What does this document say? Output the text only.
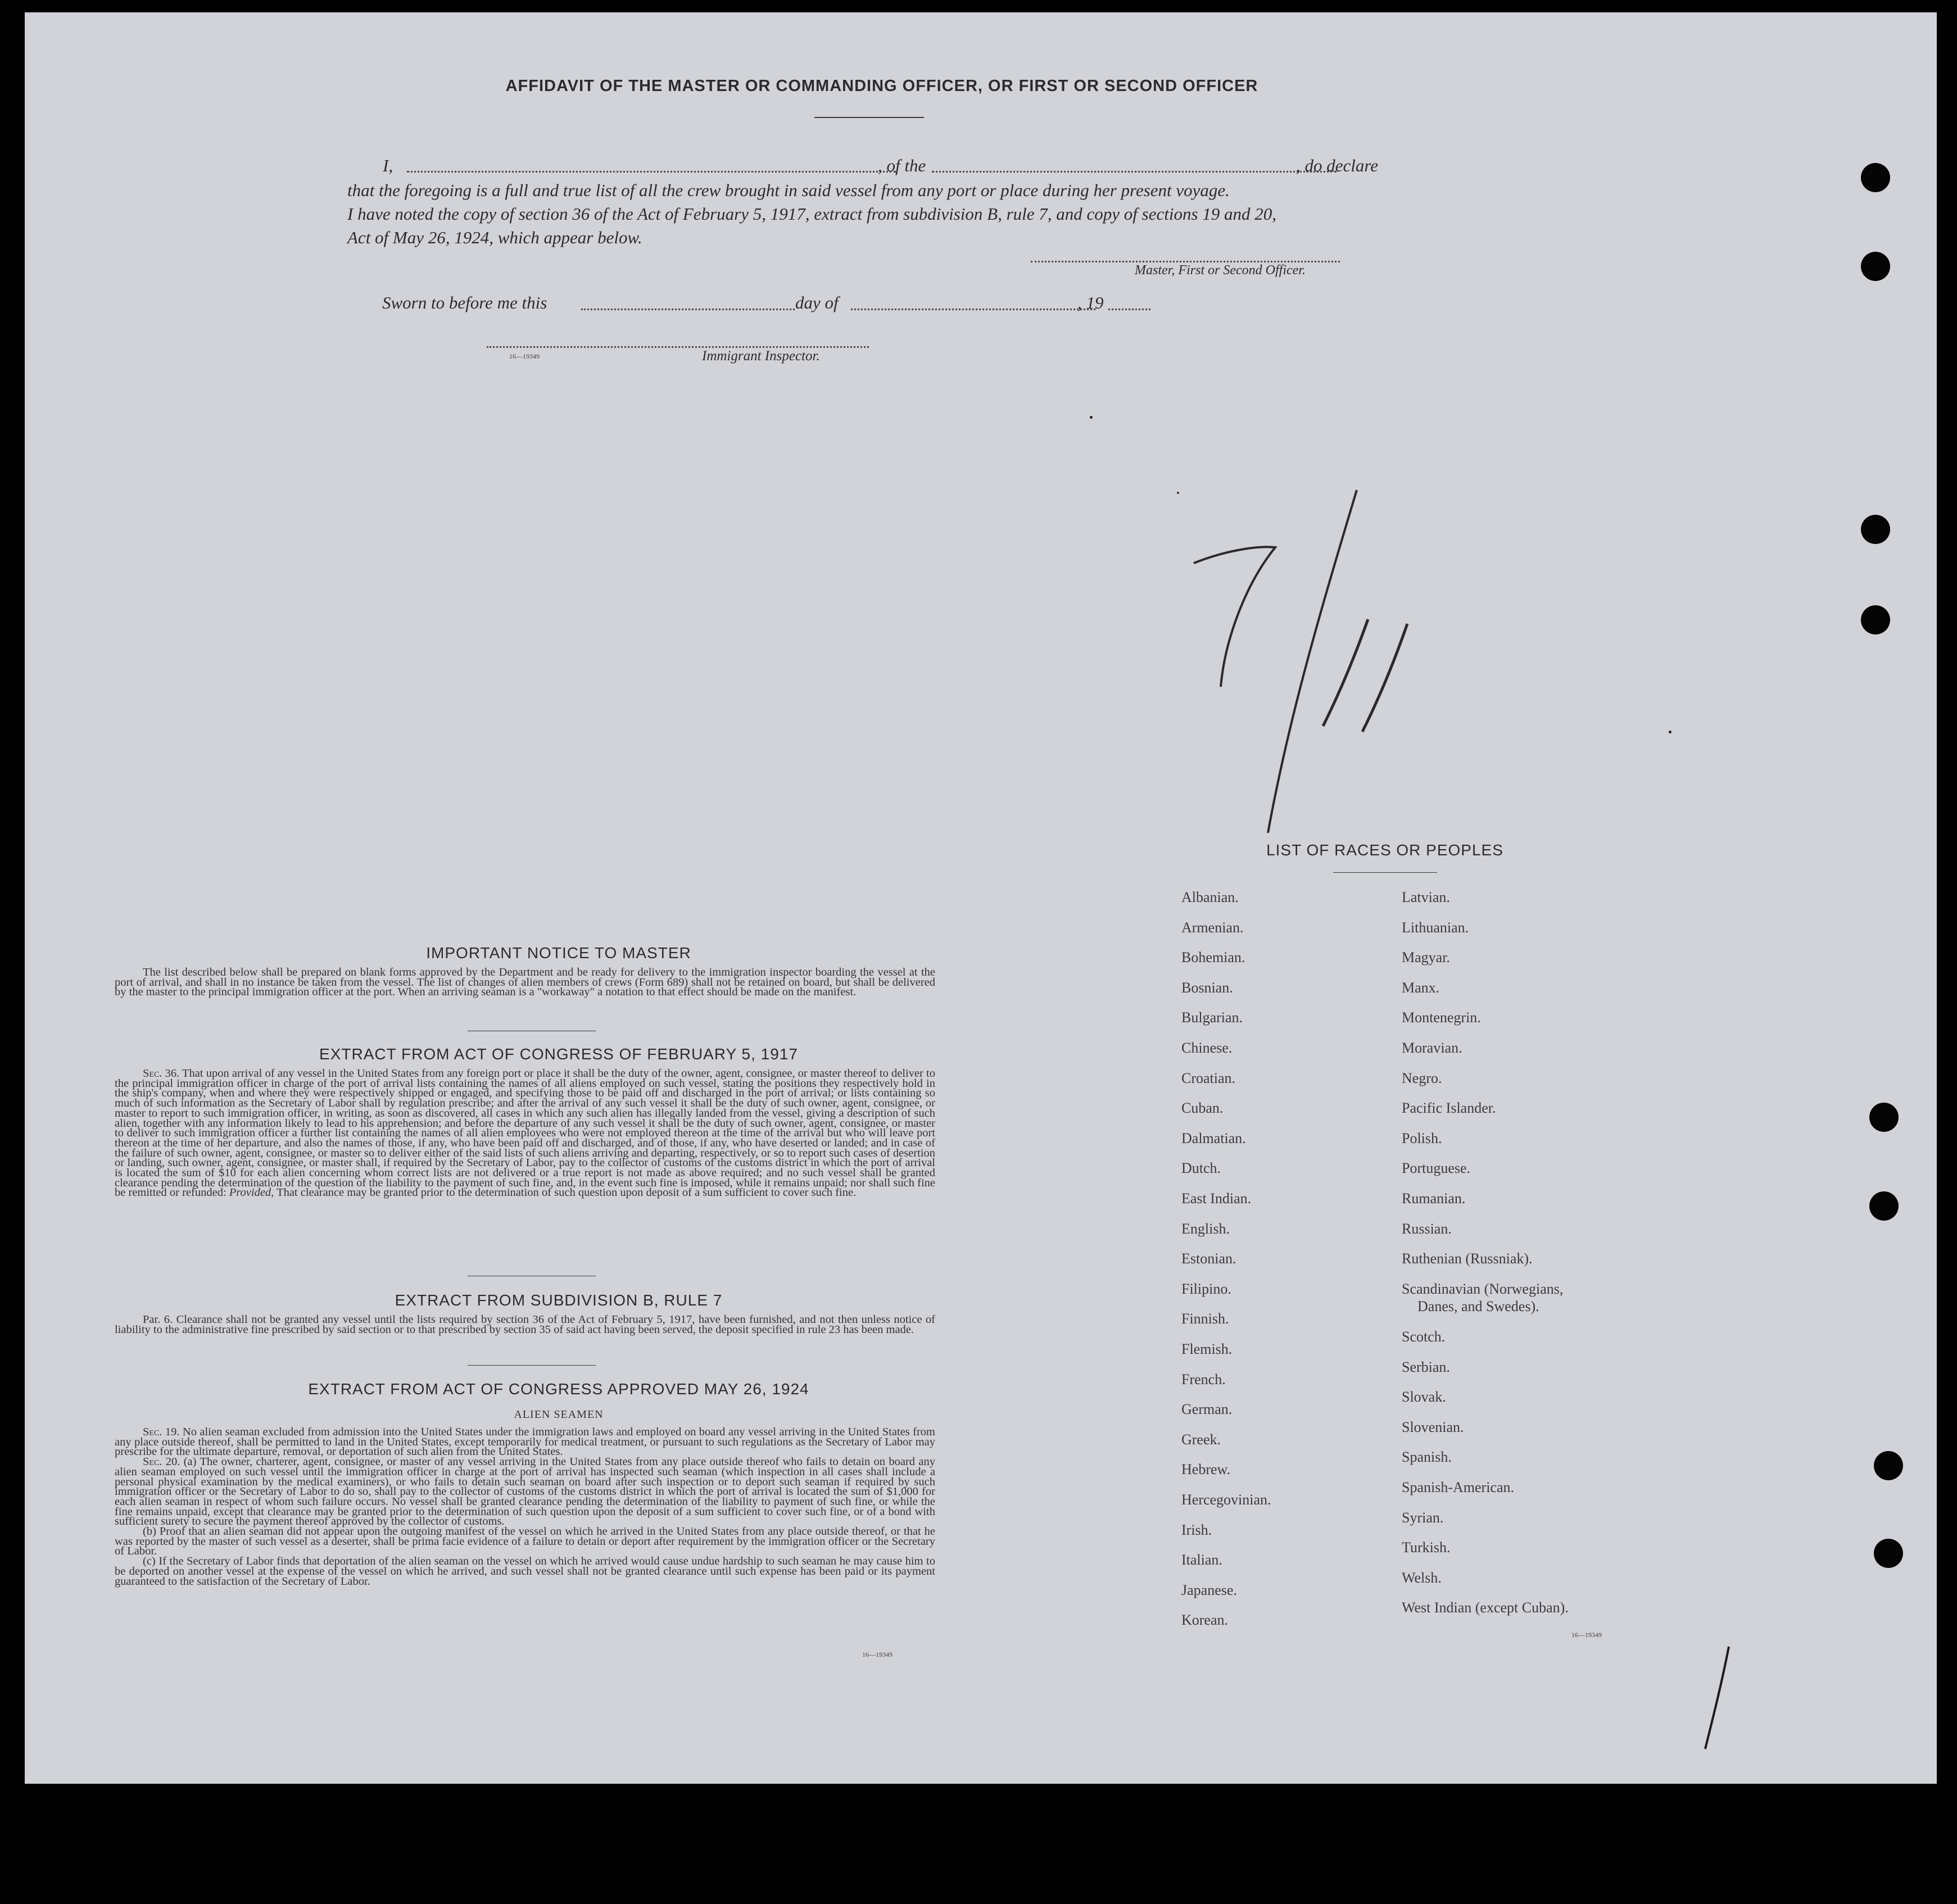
AFFIDAVIT OF THE MASTER OR COMMANDING OFFICER, OR FIRST OR SECOND OFFICER
I,	, of the	, do declare
that the foregoing is a full and true list of all the crew brought in said vessel from any port or place during her present voyage.
I have noted the copy of section 36 of the Act of February 5, 1917, extract from subdivision B, rule 7, and copy of sections 19 and 20,
Act of May 26, 1924, which appear below.
Master, First or Second Officer.
Sworn to before me this	day of	, 19
16—19349	Immigrant Inspector.
7/11
IMPORTANT NOTICE TO MASTER

The list described below shall be prepared on blank forms approved by the Department and be ready for delivery to the immigration inspector boarding the vessel at the port of arrival, and shall in no instance be taken from the vessel. The list of changes of alien members of crews (Form 689) shall not be retained on board, but shall be delivered by the master to the principal immigration officer at the port. When an arriving seaman is a "workaway" a notation to that effect should be made on the manifest.

EXTRACT FROM ACT OF CONGRESS OF FEBRUARY 5, 1917

Sec. 36. That upon arrival of any vessel in the United States from any foreign port or place it shall be the duty of the owner, agent, consignee, or master thereof to deliver to the principal immigration officer in charge of the port of arrival lists containing the names of all aliens employed on such vessel, stating the positions they respectively hold in the ship's company, when and where they were respectively shipped or engaged, and specifying those to be paid off and discharged in the port of arrival; or lists containing so much of such information as the Secretary of Labor shall by regulation prescribe; and after the arrival of any such vessel it shall be the duty of such owner, agent, consignee, or master to report to such immigration officer, in writing, as soon as discovered, all cases in which any such alien has illegally landed from the vessel, giving a description of such alien, together with any information likely to lead to his apprehension; and before the departure of any such vessel it shall be the duty of such owner, agent, consignee, or master to deliver to such immigration officer a further list containing the names of all alien employees who were not employed thereon at the time of the arrival but who will leave port thereon at the time of her departure, and also the names of those, if any, who have been paid off and discharged, and of those, if any, who have deserted or landed; and in case of the failure of such owner, agent, consignee, or master so to deliver either of the said lists of such aliens arriving and departing, respectively, or so to report such cases of desertion or landing, such owner, agent, consignee, or master shall, if required by the Secretary of Labor, pay to the collector of customs of the customs district in which the port of arrival is located the sum of $10 for each alien concerning whom correct lists are not delivered or a true report is not made as above required; and no such vessel shall be granted clearance pending the determination of the question of the liability to the payment of such fine, and, in the event such fine is imposed, while it remains unpaid; nor shall such fine be remitted or refunded: Provided, That clearance may be granted prior to the determination of such question upon deposit of a sum sufficient to cover such fine.

EXTRACT FROM SUBDIVISION B, RULE 7

Par. 6. Clearance shall not be granted any vessel until the lists required by section 36 of the Act of February 5, 1917, have been furnished, and not then unless notice of liability to the administrative fine prescribed by said section or to that prescribed by section 35 of said act having been served, the deposit specified in rule 23 has been made.

EXTRACT FROM ACT OF CONGRESS APPROVED MAY 26, 1924
ALIEN SEAMEN

Sec. 19. No alien seaman excluded from admission into the United States under the immigration laws and employed on board any vessel arriving in the United States from any place outside thereof, shall be permitted to land in the United States, except temporarily for medical treatment, or pursuant to such regulations as the Secretary of Labor may prescribe for the ultimate departure, removal, or deportation of such alien from the United States.

Sec. 20. (a) The owner, charterer, agent, consignee, or master of any vessel arriving in the United States from any place outside thereof who fails to detain on board any alien seaman employed on such vessel until the immigration officer in charge at the port of arrival has inspected such seaman (which inspection in all cases shall include a personal physical examination by the medical examiners), or who fails to detain such seaman on board after such inspection or to deport such seaman if required by such immigration officer or the Secretary of Labor to do so, shall pay to the collector of customs of the customs district in which the port of arrival is located the sum of $1,000 for each alien seaman in respect of whom such failure occurs. No vessel shall be granted clearance pending the determination of the liability to payment of such fine, or while the fine remains unpaid, except that clearance may be granted prior to the determination of such question upon the deposit of a sum sufficient to cover such fine, or of a bond with sufficient surety to secure the payment thereof approved by the collector of customs.

(b) Proof that an alien seaman did not appear upon the outgoing manifest of the vessel on which he arrived in the United States from any place outside thereof, or that he was reported by the master of such vessel as a deserter, shall be prima facie evidence of a failure to detain or deport after requirement by the immigration officer or the Secretary of Labor.

(c) If the Secretary of Labor finds that deportation of the alien seaman on the vessel on which he arrived would cause undue hardship to such seaman he may cause him to be deported on another vessel at the expense of the vessel on which he arrived, and such vessel shall not be granted clearance until such expense has been paid or its payment guaranteed to the satisfaction of the Secretary of Labor.

16—19349
LIST OF RACES OR PEOPLES
Albanian.
Armenian.
Bohemian.
Bosnian.
Bulgarian.
Chinese.
Croatian.
Cuban.
Dalmatian.
Dutch.
East Indian.
English.
Estonian.
Filipino.
Finnish.
Flemish.
French.
German.
Greek.
Hebrew.
Hercegovinian.
Irish.
Italian.
Japanese.
Korean.
Latvian.
Lithuanian.
Magyar.
Manx.
Montenegrin.
Moravian.
Negro.
Pacific Islander.
Polish.
Portuguese.
Rumanian.
Russian.
Ruthenian (Russniak).
Scandinavian (Norwegians,
Danes, and Swedes).
Scotch.
Serbian.
Slovak.
Slovenian.
Spanish.
Spanish-American.
Syrian.
Turkish.
Welsh.
West Indian (except Cuban).
16—19349
